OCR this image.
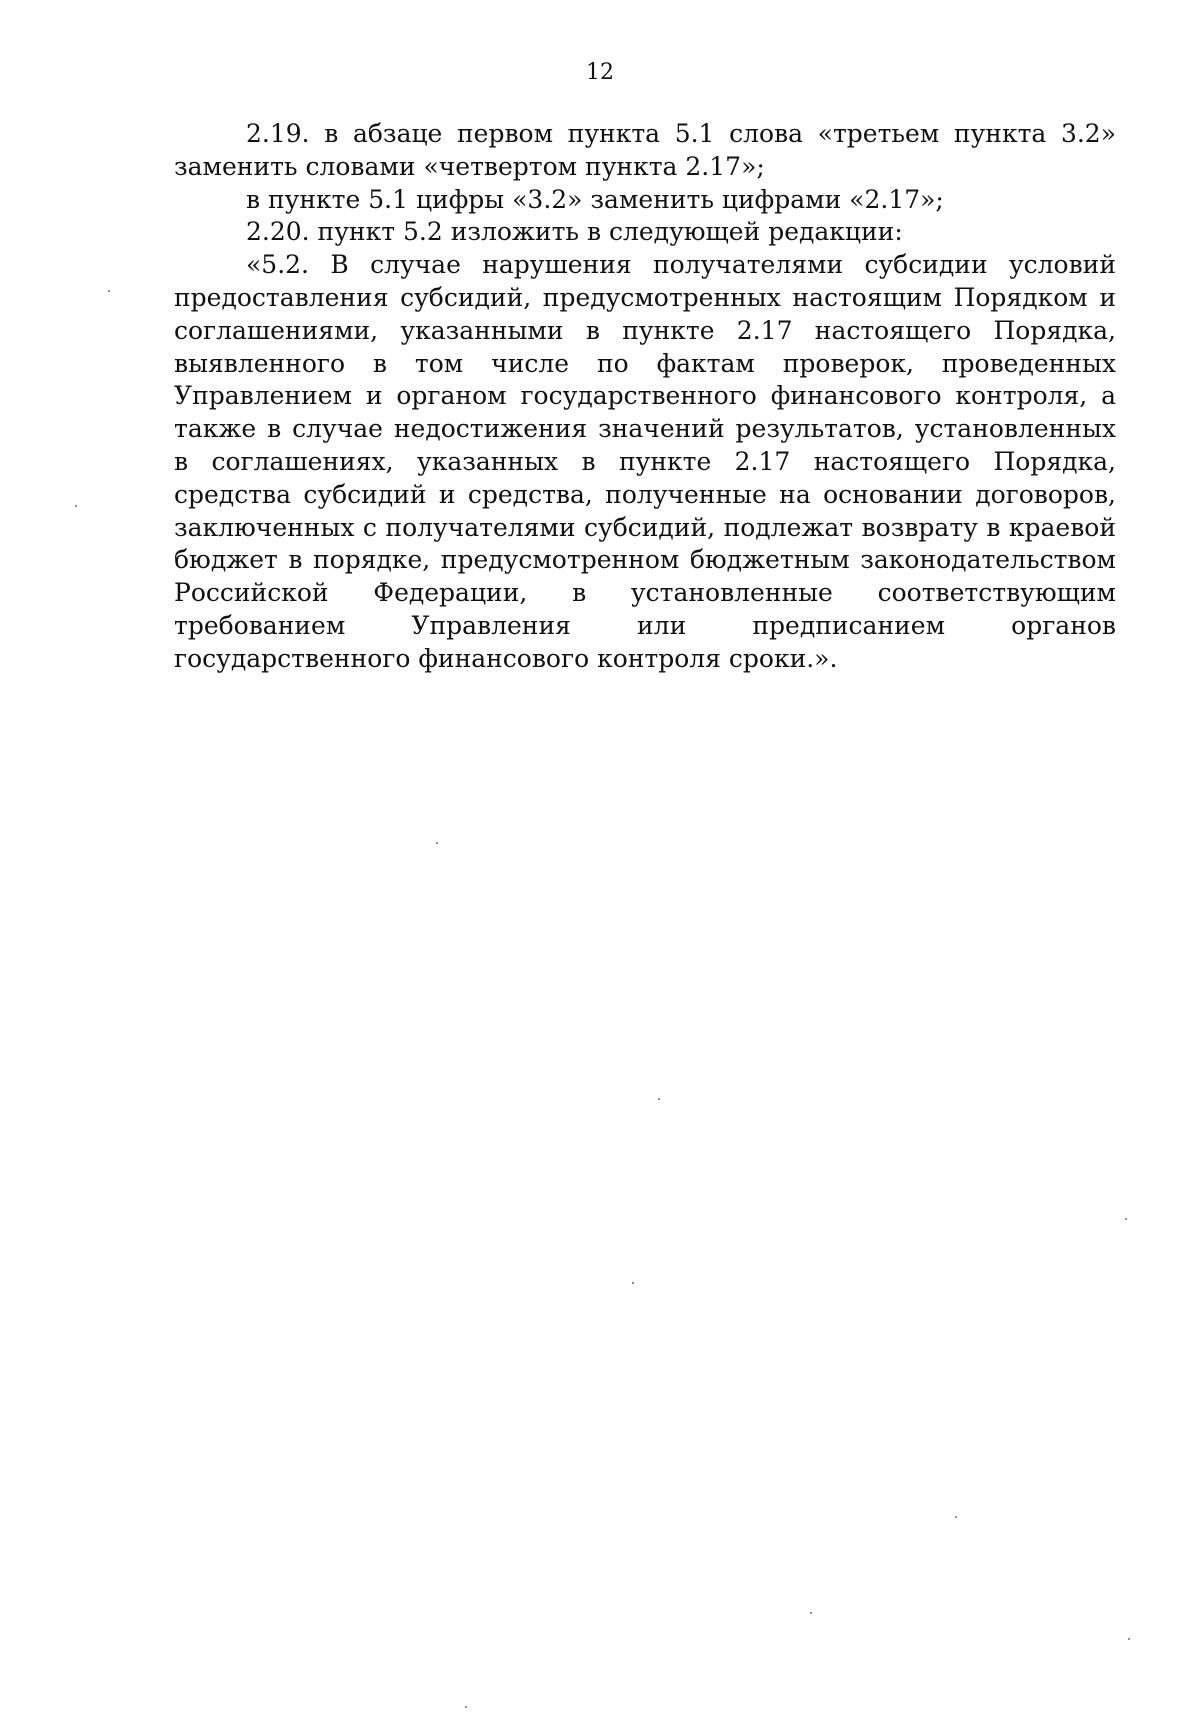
12

2.19. в абзаце первом пункта 5.1 слова «третьем пункта 3.2» заменить словами «четвертом пункта 2.17»;

в пункте 5.1 цифры «3.2» заменить цифрами «2.17»;

2.20. пункт 5.2 изложить в следующей редакции:

«5.2. В случае нарушения получателями субсидии условий предоставления субсидий, предусмотренных настоящим Порядком и соглашениями, указанными в пункте 2.17 настоящего Порядка, выявленного в том числе по фактам проверок, проведенных Управлением и органом государственного финансового контроля, а также в случае недостижения значений результатов, установленных в соглашениях, указанных в пункте 2.17 настоящего Порядка, средства субсидий и средства, полученные на основании договоров, заключенных с получателями субсидий, подлежат возврату в краевой бюджет в порядке, предусмотренном бюджетным законодательством Российской Федерации, в установленные соответствующим требованием Управления или предписанием органов государственного финансового контроля сроки.».
